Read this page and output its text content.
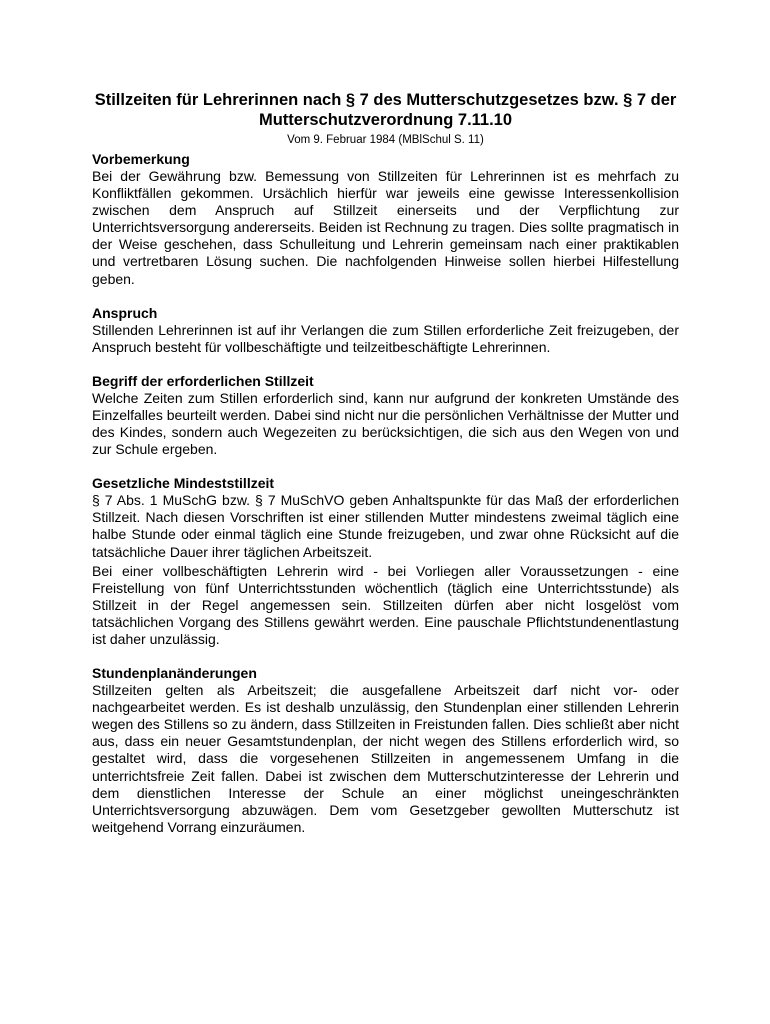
Stillzeiten für Lehrerinnen nach § 7 des Mutterschutzgesetzes bzw. § 7 der Mutterschutzverordnung 7.11.10
Vom 9. Februar 1984 (MBlSchul S. 11)
Vorbemerkung

Bei der Gewährung bzw. Bemessung von Stillzeiten für Lehrerinnen ist es mehrfach zu Konfliktfällen gekommen. Ursächlich hierfür war jeweils eine gewisse Interessenkollision zwischen dem Anspruch auf Stillzeit einerseits und der Verpflichtung zur Unterrichtsversorgung andererseits. Beiden ist Rechnung zu tragen. Dies sollte pragmatisch in der Weise geschehen, dass Schulleitung und Lehrerin gemeinsam nach einer praktikablen und vertretbaren Lösung suchen. Die nachfolgenden Hinweise sollen hierbei Hilfestellung geben.

Anspruch

Stillenden Lehrerinnen ist auf ihr Verlangen die zum Stillen erforderliche Zeit freizugeben, der Anspruch besteht für vollbeschäftigte und teilzeitbeschäftigte Lehrerinnen.

Begriff der erforderlichen Stillzeit

Welche Zeiten zum Stillen erforderlich sind, kann nur aufgrund der konkreten Umstände des Einzelfalles beurteilt werden. Dabei sind nicht nur die persönlichen Verhältnisse der Mutter und des Kindes, sondern auch Wegezeiten zu berücksichtigen, die sich aus den Wegen von und zur Schule ergeben.

Gesetzliche Mindeststillzeit

§ 7 Abs. 1 MuSchG bzw. § 7 MuSchVO geben Anhaltspunkte für das Maß der erforderlichen Stillzeit. Nach diesen Vorschriften ist einer stillenden Mutter mindestens zweimal täglich eine halbe Stunde oder einmal täglich eine Stunde freizugeben, und zwar ohne Rücksicht auf die tatsächliche Dauer ihrer täglichen Arbeitszeit.

Bei einer vollbeschäftigten Lehrerin wird - bei Vorliegen aller Voraussetzungen - eine Freistellung von fünf Unterrichtsstunden wöchentlich (täglich eine Unterrichtsstunde) als Stillzeit in der Regel angemessen sein. Stillzeiten dürfen aber nicht losgelöst vom tatsächlichen Vorgang des Stillens gewährt werden. Eine pauschale Pflichtstundenentlastung ist daher unzulässig.

Stundenplanänderungen

Stillzeiten gelten als Arbeitszeit; die ausgefallene Arbeitszeit darf nicht vor- oder nachgearbeitet werden. Es ist deshalb unzulässig, den Stundenplan einer stillenden Lehrerin wegen des Stillens so zu ändern, dass Stillzeiten in Freistunden fallen. Dies schließt aber nicht aus, dass ein neuer Gesamtstundenplan, der nicht wegen des Stillens erforderlich wird, so gestaltet wird, dass die vorgesehenen Stillzeiten in angemessenem Umfang in die unterrichtsfreie Zeit fallen. Dabei ist zwischen dem Mutterschutzinteresse der Lehrerin und dem dienstlichen Interesse der Schule an einer möglichst uneingeschränkten Unterrichtsversorgung abzuwägen. Dem vom Gesetzgeber gewollten Mutterschutz ist weitgehend Vorrang einzuräumen.
